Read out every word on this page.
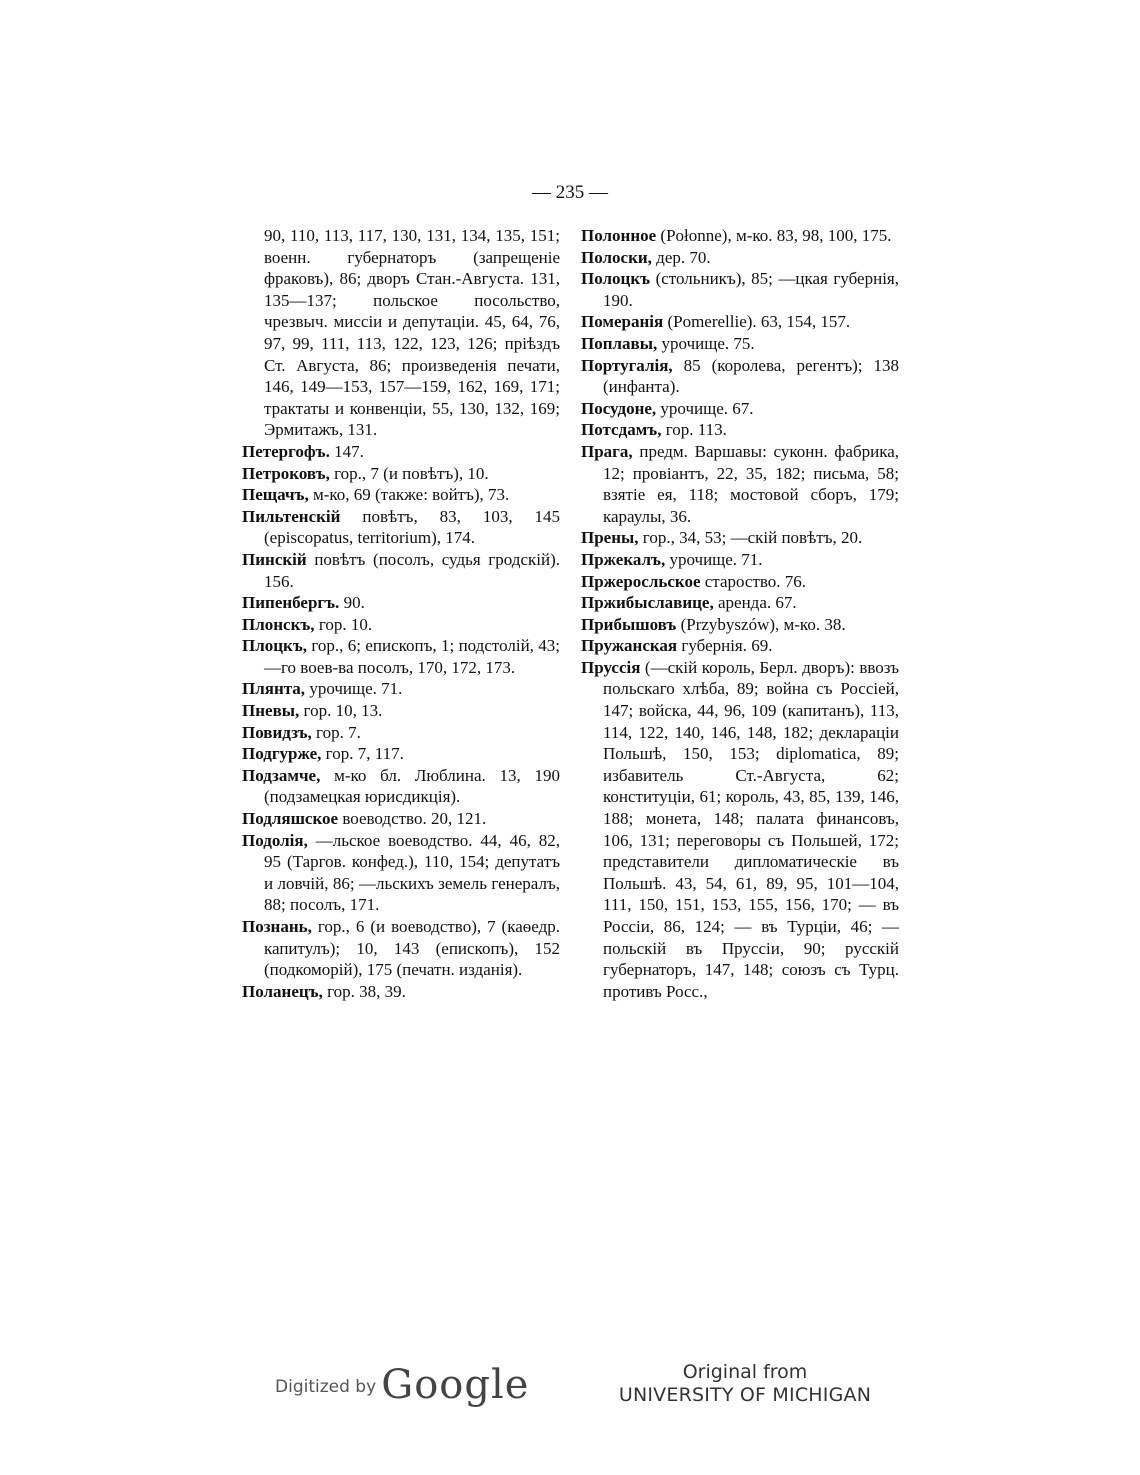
— 235 —

90, 110, 113, 117, 130, 131, 134, 135, 151; военн. губернаторъ (запрещеніе фраковъ), 86; дворъ Стан.-Августа. 131, 135—137; польское посольство, чрезвыч. миссіи и депутаціи. 45, 64, 76, 97, 99, 111, 113, 122, 123, 126; пріѣздъ Ст. Августа, 86; произведенія печати, 146, 149—153, 157—159, 162, 169, 171; трактаты и конвенціи, 55, 130, 132, 169; Эрмитажъ, 131.

Петергофъ. 147.

Петроковъ, гор., 7 (и повѣтъ), 10.

Пещачъ, м-ко, 69 (также: войтъ), 73.

Пильтенскій повѣтъ, 83, 103, 145 (episcopatus, territorium), 174.

Пинскій повѣтъ (посолъ, судья гродскій). 156.

Пипенбергъ. 90.

Плонскъ, гор. 10.

Плоцкъ, гор., 6; епископъ, 1; подстолій, 43; —го воев-ва посолъ, 170, 172, 173.

Плянта, урочище. 71.

Пневы, гор. 10, 13.

Повидзъ, гор. 7.

Подгурже, гор. 7, 117.

Подзамче, м-ко бл. Люблина. 13, 190 (подзамецкая юрисдикція).

Подляшское воеводство. 20, 121.

Подолія, —льское воеводство. 44, 46, 82, 95 (Таргов. конфед.), 110, 154; депутатъ и ловчій, 86; —льскихъ земель генералъ, 88; посолъ, 171.

Познань, гор., 6 (и воеводство), 7 (каѳедр. капитулъ); 10, 143 (епископъ), 152 (подкоморій), 175 (печатн. изданія).

Поланецъ, гор. 38, 39.

Полонное (Połonne), м-ко. 83, 98, 100, 175.

Полоски, дер. 70.

Полоцкъ (стольникъ), 85; —цкая губернія, 190.

Померанія (Pomerellie). 63, 154, 157.

Поплавы, урочище. 75.

Португалія, 85 (королева, регентъ); 138 (инфанта).

Посудоне, урочище. 67.

Потсдамъ, гор. 113.

Прага, предм. Варшавы: суконн. фабрика, 12; провіантъ, 22, 35, 182; письма, 58; взятіе ея, 118; мостовой сборъ, 179; караулы, 36.

Прены, гор., 34, 53; —скій повѣтъ, 20.

Пржекалъ, урочище. 71.

Пржеросльское староство. 76.

Пржибыславице, аренда. 67.

Прибышовъ (Przybyszów), м-ко. 38.

Пружанская губернія. 69.

Пруссія (—скій король, Берл. дворъ): ввозъ польскаго хлѣба, 89; война съ Россіей, 147; войска, 44, 96, 109 (капитанъ), 113, 114, 122, 140, 146, 148, 182; деклараціи Польшѣ, 150, 153; diplomatica, 89; избавитель Ст.-Августа, 62; конституціи, 61; король, 43, 85, 139, 146, 188; монета, 148; палата финансовъ, 106, 131; переговоры съ Польшей, 172; представители дипломатическіе въ Польшѣ. 43, 54, 61, 89, 95, 101—104, 111, 150, 151, 153, 155, 156, 170; — въ Россіи, 86, 124; — въ Турціи, 46; — польскій въ Пруссіи, 90; русскій губернаторъ, 147, 148; союзъ съ Турц. противъ Росс.,

Digitized by Google	Original from
UNIVERSITY OF MICHIGAN
